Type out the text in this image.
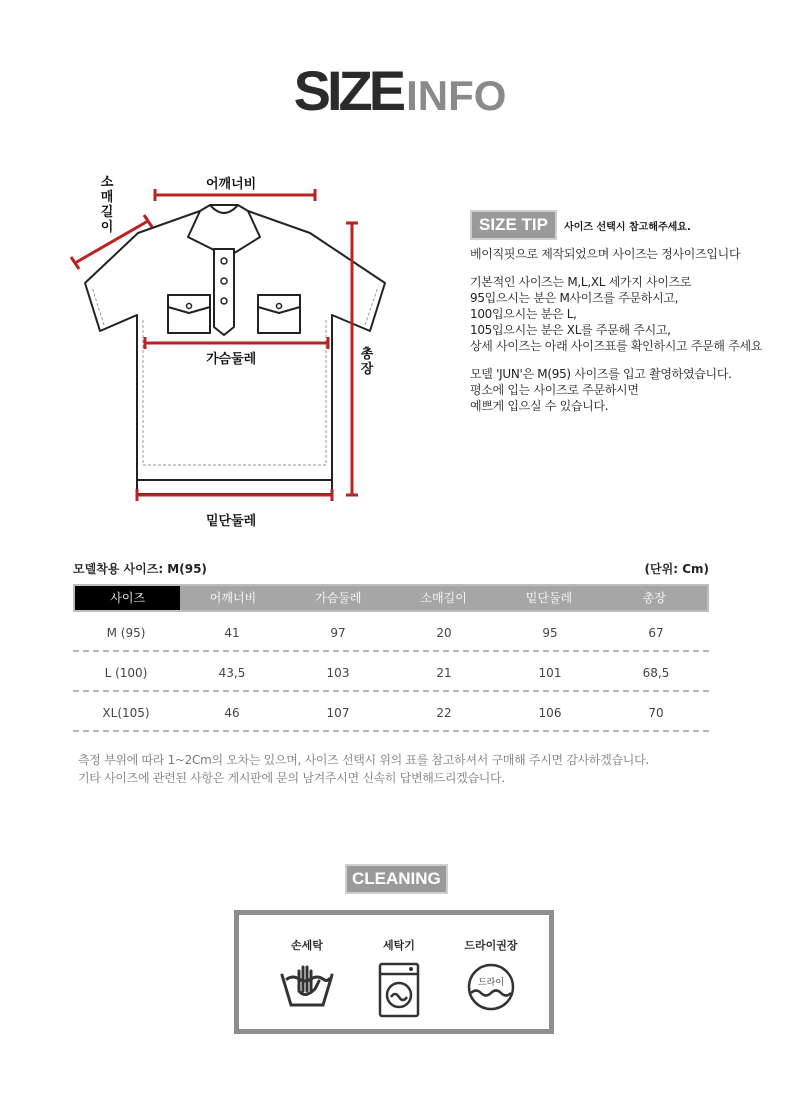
SIZEINFO
어깨너비
소
매
길
이
가슴둘레	총
장
밑단둘레
SIZE TIP 사이즈 선택시 참고해주세요.

베이직핏으로 제작되었으며 사이즈는 정사이즈입니다

기본적인 사이즈는 M,L,XL 세가지 사이즈로

95입으시는 분은 M사이즈를 주문하시고,

100입으시는 분은 L,

105입으시는 분은 XL를 주문해 주시고,

상세 사이즈는 아래 사이즈표를 확인하시고 주문해 주세요

모델 'JUN'은 M(95) 사이즈를 입고 촬영하였습니다.

평소에 입는 사이즈로 주문하시면

예쁘게 입으실 수 있습니다.

모델착용 사이즈: M(95)	(단위: Cm)
사이즈	어깨너비	가슴둘레	소매길이	밑단둘레	총장
M (95)	41	97	20	95	67
L (100)	43,5	103	21	101	68,5
XL(105)	46	107	22	106	70
측정 부위에 따라 1~2Cm의 오차는 있으며, 사이즈 선택시 위의 표를 참고하셔서 구매해 주시면 감사하겠습니다.
기타 사이즈에 관련된 사항은 게시판에 문의 남겨주시면 신속히 답변해드리겠습니다.
CLEANING
손세탁	세탁기	드라이권장
드라이
